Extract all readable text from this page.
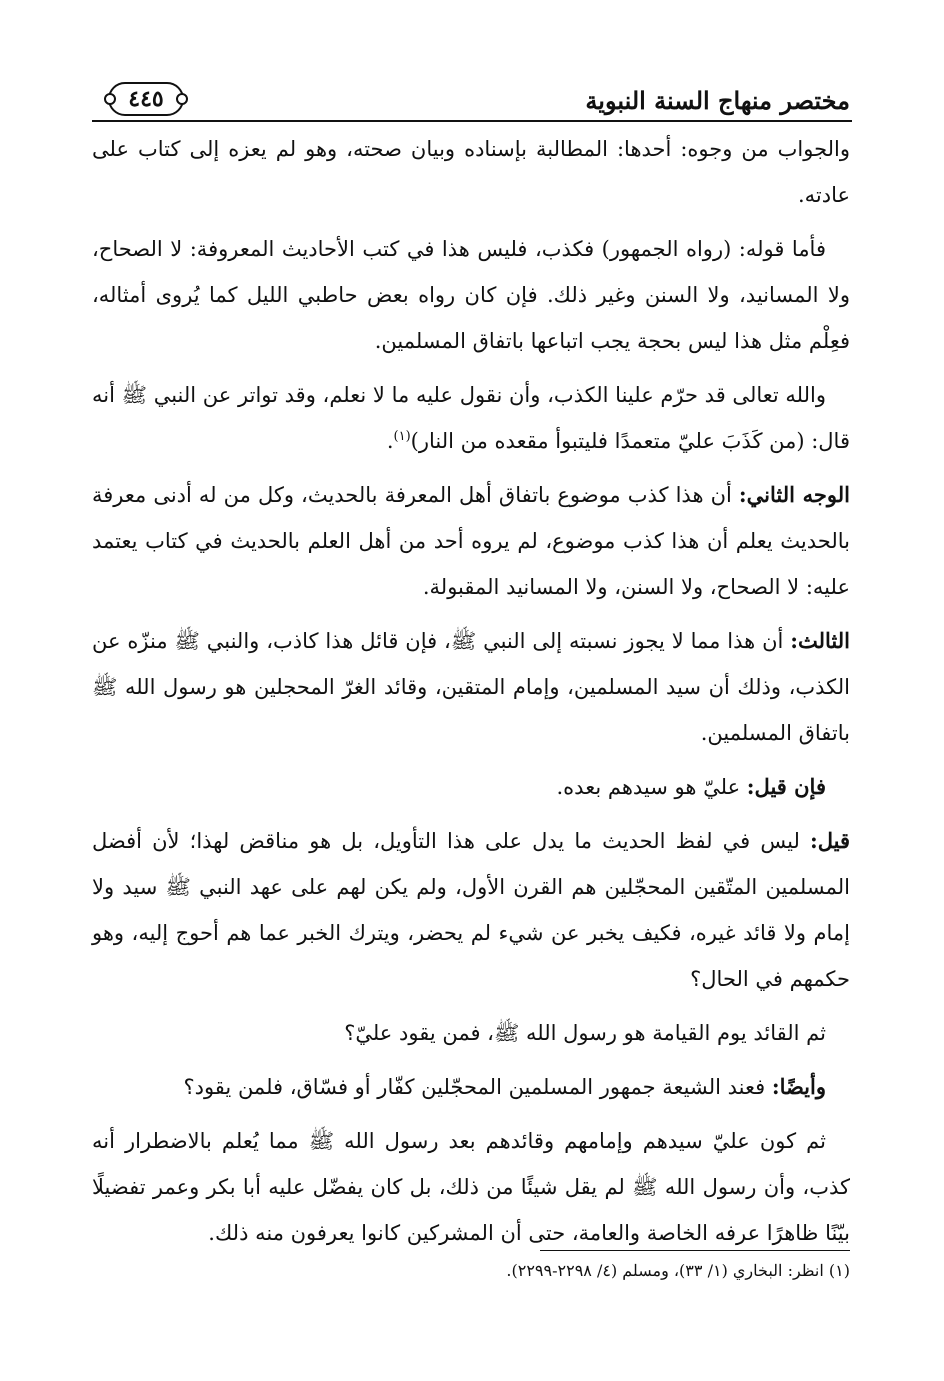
مختصر منهاج السنة النبوية
٤٤٥

والجواب من وجوه: أحدها: المطالبة بإسناده وبيان صحته، وهو لم يعزه إلى كتاب على عادته.

فأما قوله: (رواه الجمهور) فكذب، فليس هذا في كتب الأحاديث المعروفة: لا الصحاح، ولا المسانيد، ولا السنن وغير ذلك. فإن كان رواه بعض حاطبي الليل كما يُروى أمثاله، فعِلْم مثل هذا ليس بحجة يجب اتباعها باتفاق المسلمين.

والله تعالى قد حرّم علينا الكذب، وأن نقول عليه ما لا نعلم، وقد تواتر عن النبي ﷺ أنه قال: (من كَذَبَ عليّ متعمدًا فليتبوأ مقعده من النار)$^{(١)}$.

الوجه الثاني: أن هذا كذب موضوع باتفاق أهل المعرفة بالحديث، وكل من له أدنى معرفة بالحديث يعلم أن هذا كذب موضوع، لم يروه أحد من أهل العلم بالحديث في كتاب يعتمد عليه: لا الصحاح، ولا السنن، ولا المسانيد المقبولة.

الثالث: أن هذا مما لا يجوز نسبته إلى النبي ﷺ، فإن قائل هذا كاذب، والنبي ﷺ منزّه عن الكذب، وذلك أن سيد المسلمين، وإمام المتقين، وقائد الغرّ المحجلين هو رسول الله ﷺ باتفاق المسلمين.

فإن قيل: عليّ هو سيدهم بعده.

قيل: ليس في لفظ الحديث ما يدل على هذا التأويل، بل هو مناقض لهذا؛ لأن أفضل المسلمين المتّقين المحجّلين هم القرن الأول، ولم يكن لهم على عهد النبي ﷺ سيد ولا إمام ولا قائد غيره، فكيف يخبر عن شيء لم يحضر، ويترك الخبر عما هم أحوج إليه، وهو حكمهم في الحال؟

ثم القائد يوم القيامة هو رسول الله ﷺ، فمن يقود عليّ؟

وأيضًا: فعند الشيعة جمهور المسلمين المحجّلين كفّار أو فسّاق، فلمن يقود؟

ثم كون عليّ سيدهم وإمامهم وقائدهم بعد رسول الله ﷺ مما يُعلم بالاضطرار أنه كذب، وأن رسول الله ﷺ لم يقل شيئًا من ذلك، بل كان يفضّل عليه أبا بكر وعمر تفضيلًا بيّنًا ظاهرًا عرفه الخاصة والعامة، حتى أن المشركين كانوا يعرفون منه ذلك.

(١) انظر: البخاري (١/ ٣٣)، ومسلم (٤/ ٢٢٩٨-٢٢٩٩).
